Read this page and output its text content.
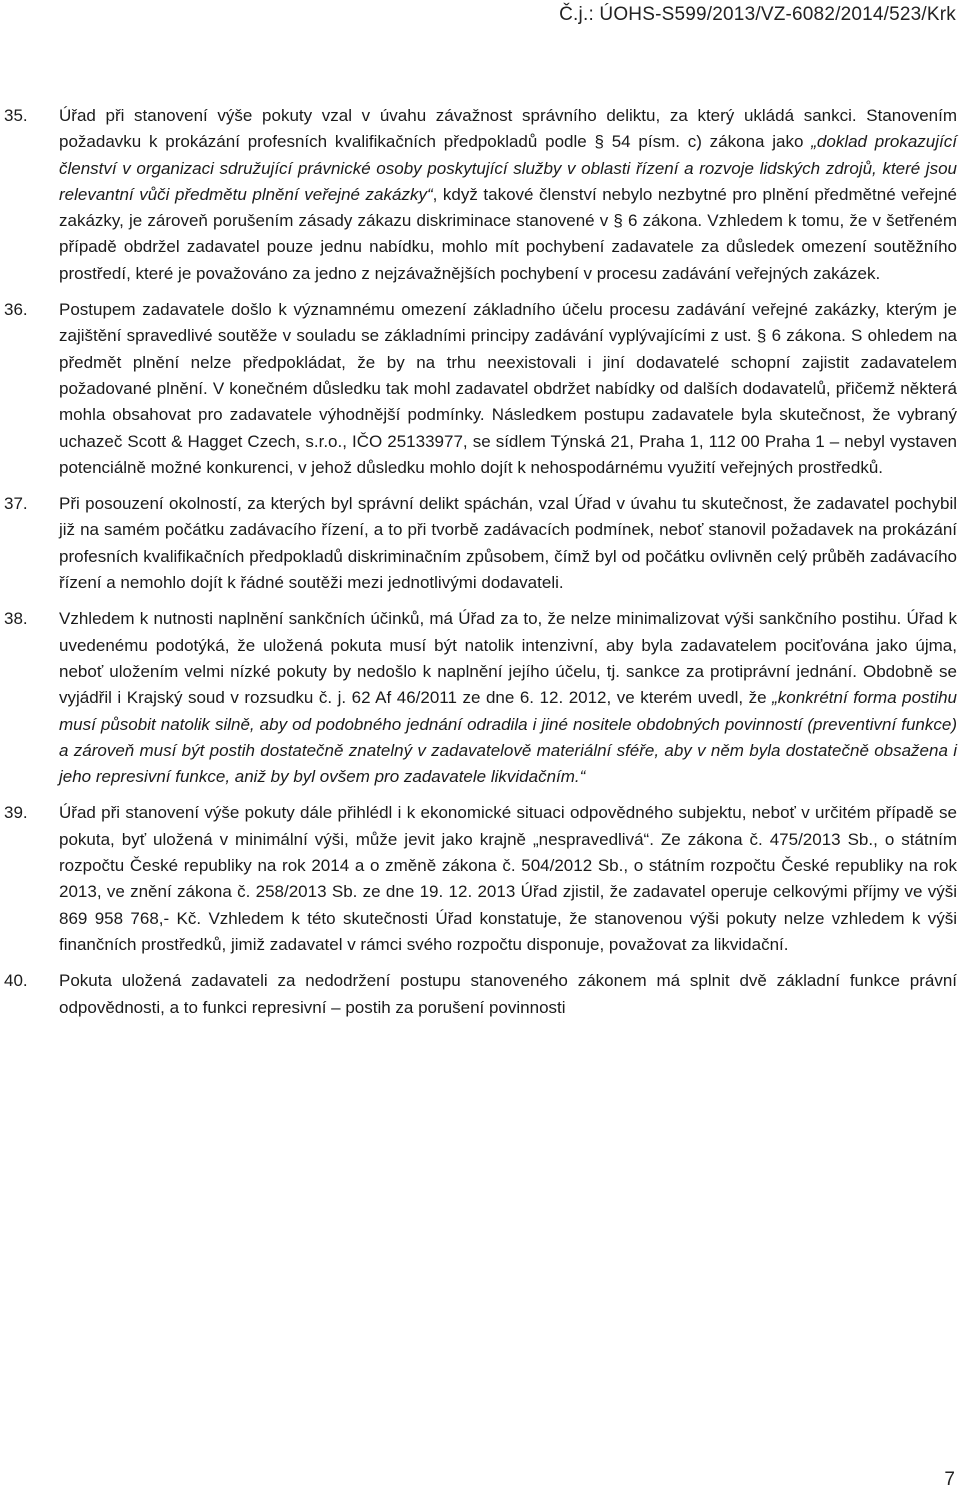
Č.j.: ÚOHS-S599/2013/VZ-6082/2014/523/Krk
35.	Úřad při stanovení výše pokuty vzal v úvahu závažnost správního deliktu, za který ukládá sankci. Stanovením požadavku k prokázání profesních kvalifikačních předpokladů podle § 54 písm. c) zákona jako „doklad prokazující členství v organizaci sdružující právnické osoby poskytující služby v oblasti řízení a rozvoje lidských zdrojů, které jsou relevantní vůči předmětu plnění veřejné zakázky“, když takové členství nebylo nezbytné pro plnění předmětné veřejné zakázky, je zároveň porušením zásady zákazu diskriminace stanovené v § 6 zákona. Vzhledem k tomu, že v šetřeném případě obdržel zadavatel pouze jednu nabídku, mohlo mít pochybení zadavatele za důsledek omezení soutěžního prostředí, které je považováno za jedno z nejzávažnějších pochybení v procesu zadávání veřejných zakázek.
36.	Postupem zadavatele došlo k významnému omezení základního účelu procesu zadávání veřejné zakázky, kterým je zajištění spravedlivé soutěže v souladu se základními principy zadávání vyplývajícími z ust. § 6 zákona. S ohledem na předmět plnění nelze předpokládat, že by na trhu neexistovali i jiní dodavatelé schopní zajistit zadavatelem požadované plnění. V konečném důsledku tak mohl zadavatel obdržet nabídky od dalších dodavatelů, přičemž některá mohla obsahovat pro zadavatele výhodnější podmínky. Následkem postupu zadavatele byla skutečnost, že vybraný uchazeč Scott & Hagget Czech, s.r.o., IČO 25133977, se sídlem Týnská 21, Praha 1, 112 00 Praha 1 – nebyl vystaven potenciálně možné konkurenci, v jehož důsledku mohlo dojít k nehospodárnému využití veřejných prostředků.
37.	Při posouzení okolností, za kterých byl správní delikt spáchán, vzal Úřad v úvahu tu skutečnost, že zadavatel pochybil již na samém počátku zadávacího řízení, a to při tvorbě zadávacích podmínek, neboť stanovil požadavek na prokázání profesních kvalifikačních předpokladů diskriminačním způsobem, čímž byl od počátku ovlivněn celý průběh zadávacího řízení a nemohlo dojít k řádné soutěži mezi jednotlivými dodavateli.
38.	Vzhledem k nutnosti naplnění sankčních účinků, má Úřad za to, že nelze minimalizovat výši sankčního postihu. Úřad k uvedenému podotýká, že uložená pokuta musí být natolik intenzivní, aby byla zadavatelem pociťována jako újma, neboť uložením velmi nízké pokuty by nedošlo k naplnění jejího účelu, tj. sankce za protiprávní jednání. Obdobně se vyjádřil i Krajský soud v rozsudku č. j. 62 Af 46/2011 ze dne 6. 12. 2012, ve kterém uvedl, že „konkrétní forma postihu musí působit natolik silně, aby od podobného jednání odradila i jiné nositele obdobných povinností (preventivní funkce) a zároveň musí být postih dostatečně znatelný v zadavatelově materiální sféře, aby v něm byla dostatečně obsažena i jeho represivní funkce, aniž by byl ovšem pro zadavatele likvidačním.“
39.	Úřad při stanovení výše pokuty dále přihlédl i k ekonomické situaci odpovědného subjektu, neboť v určitém případě se pokuta, byť uložená v minimální výši, může jevit jako krajně „nespravedlivá“. Ze zákona č. 475/2013 Sb., o státním rozpočtu České republiky na rok 2014 a o změně zákona č. 504/2012 Sb., o státním rozpočtu České republiky na rok 2013, ve znění zákona č. 258/2013 Sb. ze dne 19. 12. 2013 Úřad zjistil, že zadavatel operuje celkovými příjmy ve výši 869 958 768,- Kč. Vzhledem k této skutečnosti Úřad konstatuje, že stanovenou výši pokuty nelze vzhledem k výši finančních prostředků, jimiž zadavatel v rámci svého rozpočtu disponuje, považovat za likvidační.
40.	Pokuta uložená zadavateli za nedodržení postupu stanoveného zákonem má splnit dvě základní funkce právní odpovědnosti, a to funkci represivní – postih za porušení povinnosti
7
